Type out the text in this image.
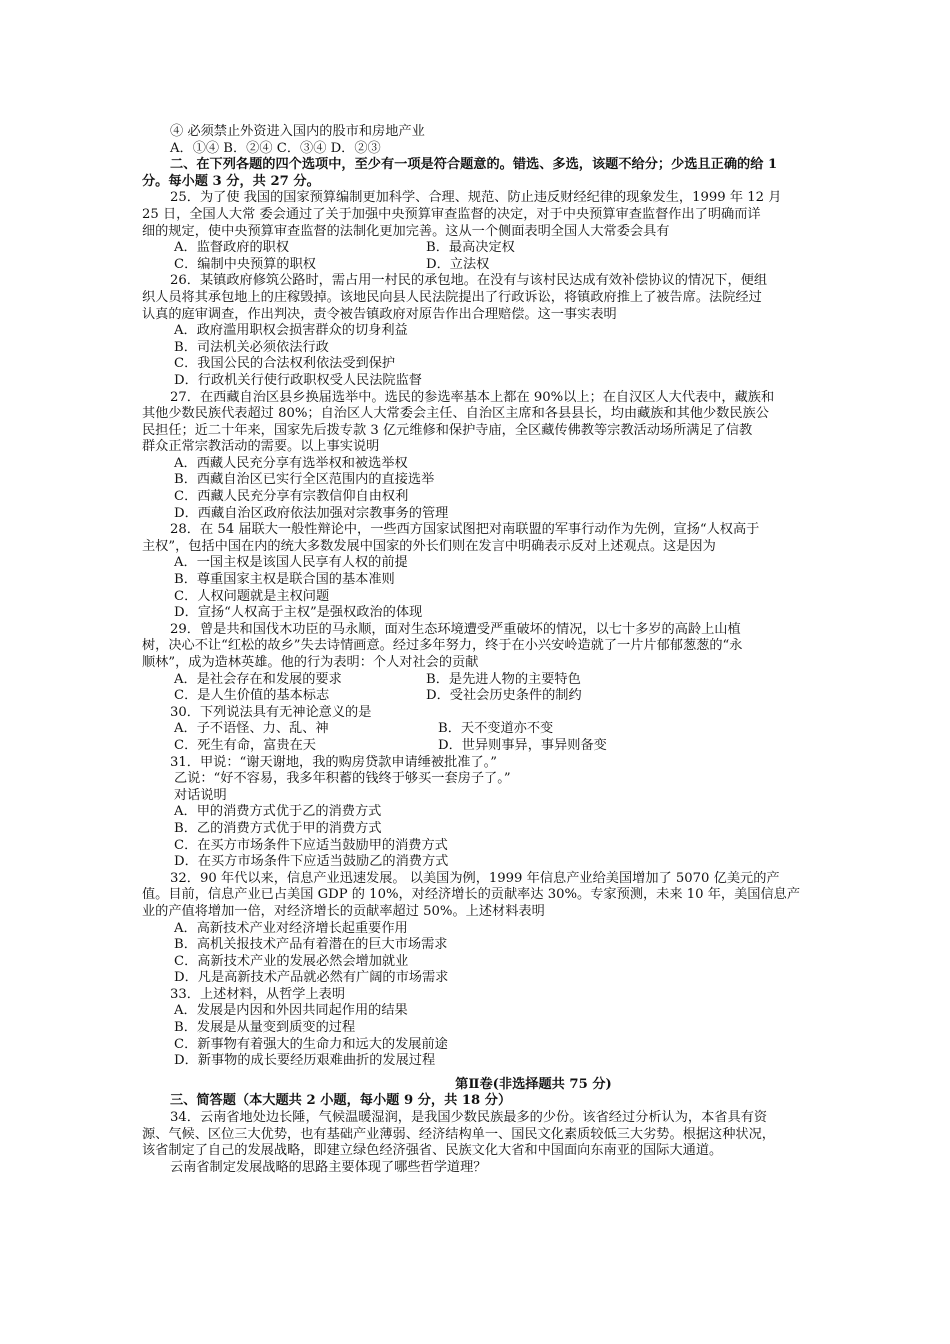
④ 必须禁止外资进入国内的股市和房地产业
A．①④ B．②④ C．③④ D．②③
二、在下列各题的四个选项中，至少有一项是符合题意的。错选、多选，该题不给分；少选且正确的给 1
分。每小题 3 分，共 27 分。
25．为了使 我国的国家预算编制更加科学、合理、规范、防止违反财经纪律的现象发生，1999 年 12 月
25 日，全国人大常 委会通过了关于加强中央预算审查监督的决定，对于中央预算审查监督作出了明确而详
细的规定，使中央预算审查监督的法制化更加完善。这从一个侧面表明全国人大常委会具有
A．监督政府的职权	B．最高决定权
C．编制中央预算的职权	D．立法权
26．某镇政府修筑公路时，需占用一村民的承包地。在没有与该村民达成有效补偿协议的情况下，便组
织人员将其承包地上的庄稼毁掉。该地民向县人民法院提出了行政诉讼，将镇政府推上了被告席。法院经过
认真的庭审调查，作出判决，责令被告镇政府对原告作出合理赔偿。这一事实表明
A．政府滥用职权会损害群众的切身利益
B．司法机关必须依法行政
C．我国公民的合法权利依法受到保护
D．行政机关行使行政职权受人民法院监督
27．在西藏自治区县乡换届选举中。选民的参选率基本上都在 90%以上；在自汉区人大代表中，藏族和
其他少数民族代表超过 80%；自治区人大常委会主任、自治区主席和各县县长，均由藏族和其他少数民族公
民担任；近二十年来，国家先后拨专款 3 亿元维修和保护寺庙，全区藏传佛教等宗教活动场所满足了信教
群众正常宗教活动的需要。以上事实说明
A．西藏人民充分享有选举权和被选举权
B．西藏自治区已实行全区范围内的直接选举
C．西藏人民充分享有宗教信仰自由权利
D．西藏自治区政府依法加强对宗教事务的管理
28．在 54 届联大一般性辩论中，一些西方国家试图把对南联盟的军事行动作为先例，宣扬“人权高于
主权”，包括中国在内的统大多数发展中国家的外长们则在发言中明确表示反对上述观点。这是因为
A．一国主权是该国人民享有人权的前提
B．尊重国家主权是联合国的基本准则
C．人权问题就是主权问题
D．宣扬“人权高于主权”是强权政治的体现
29．曾是共和国伐木功臣的马永顺，面对生态环境遭受严重破坏的情况，以七十多岁的高龄上山植
树，决心不让“红松的故乡”失去诗情画意。经过多年努力，终于在小兴安岭造就了一片片郁郁葱葱的“永
顺林”，成为造林英雄。他的行为表明：个人对社会的贡献
A．是社会存在和发展的要求	B．是先进人物的主要特色
C．是人生价值的基本标志	D．受社会历史条件的制约
30．下列说法具有无神论意义的是
A．子不语怪、力、乱、神	B．天不变道亦不变
C．死生有命，富贵在天	D．世异则事异，事异则备变
31．甲说：“谢天谢地，我的购房贷款申请缍被批准了。”
乙说：“好不容易，我多年积蓄的钱终于够买一套房子了。”
对话说明
A．甲的消费方式优于乙的消费方式
B．乙的消费方式优于甲的消费方式
C．在买方市场条件下应适当鼓励甲的消费方式
D．在买方市场条件下应适当鼓励乙的消费方式
32．90 年代以来，信息产业迅速发展。 以美国为例，1999 年信息产业给美国增加了 5070 亿美元的产
值。目前，信息产业已占美国 GDP 的 10%，对经济增长的贡献率达 30%。专家预测，未来 10 年，美国信息产
业的产值将增加一倍，对经济增长的贡献率超过 50%。上述材料表明
A．高新技术产业对经济增长起重要作用
B．高机关报技术产品有着潜在的巨大市场需求
C．高新技术产业的发展必然会增加就业
D．凡是高新技术产品就必然有广阔的市场需求
33．上述材料，从哲学上表明
A．发展是内因和外因共同起作用的结果
B．发展是从量变到质变的过程
C．新事物有着强大的生命力和远大的发展前途
D．新事物的成长要经历艰难曲折的发展过程
第Ⅱ卷(非选择题共 75 分)
三、简答题（本大题共 2 小题，每小题 9 分，共 18 分）
34．云南省地处边长陲，气候温暖湿润，是我国少数民族最多的少份。该省经过分析认为，本省具有资
源、气候、区位三大优势，也有基础产业薄弱、经济结构单一、国民文化素质较低三大劣势。根据这种状况，
该省制定了自己的发展战略，即建立绿色经济强省、民族文化大省和中国面向东南亚的国际大通道。
云南省制定发展战略的思路主要体现了哪些哲学道理？
